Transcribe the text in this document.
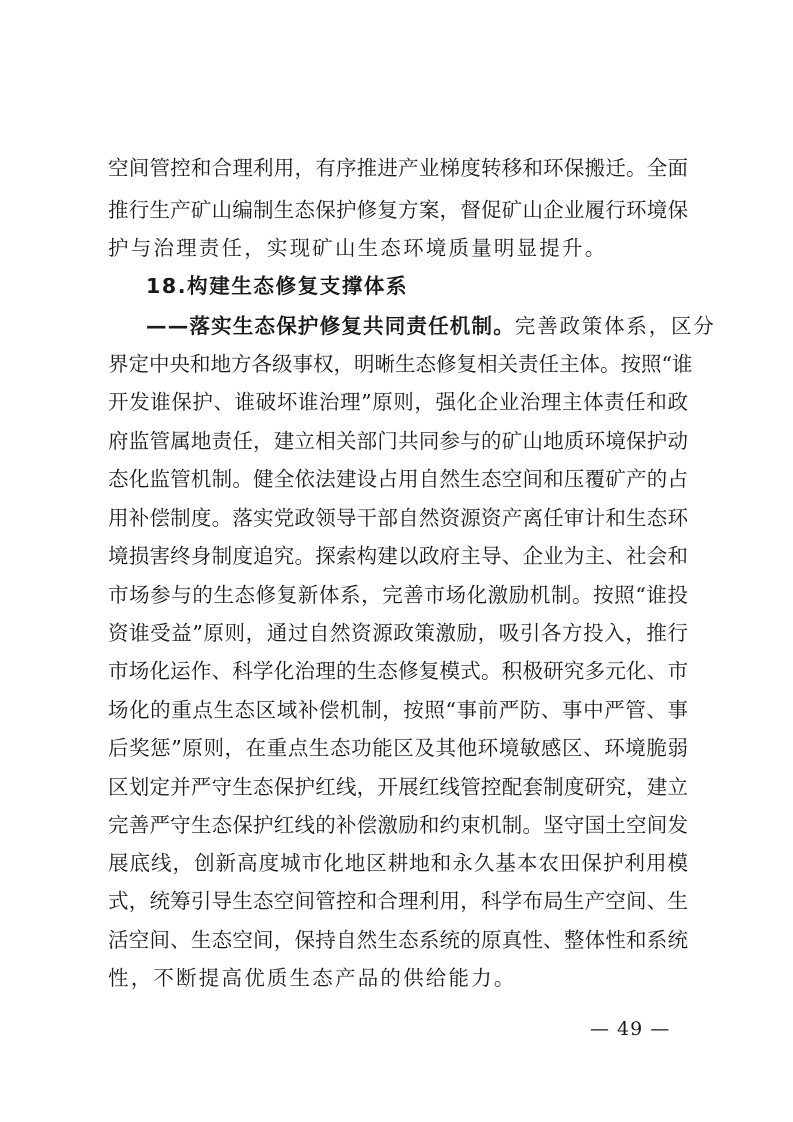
空间管控和合理利用，有序推进产业梯度转移和环保搬迁。全面
推行生产矿山编制生态保护修复方案，督促矿山企业履行环境保
护与治理责任，实现矿山生态环境质量明显提升。
18.构建生态修复支撑体系
——落实生态保护修复共同责任机制。 完善政策体系，区分
界定中央和地方各级事权，明晰生态修复相关责任主体。按照“谁
开发谁保护、谁破坏谁治理”原则，强化企业治理主体责任和政
府监管属地责任，建立相关部门共同参与的矿山地质环境保护动
态化监管机制。健全依法建设占用自然生态空间和压覆矿产的占
用补偿制度。落实党政领导干部自然资源资产离任审计和生态环
境损害终身制度追究。探索构建以政府主导、企业为主、社会和
市场参与的生态修复新体系，完善市场化激励机制。按照“谁投
资谁受益”原则，通过自然资源政策激励，吸引各方投入，推行
市场化运作、科学化治理的生态修复模式。积极研究多元化、市
场化的重点生态区域补偿机制，按照“事前严防、事中严管、事
后奖惩”原则，在重点生态功能区及其他环境敏感区、环境脆弱
区划定并严守生态保护红线，开展红线管控配套制度研究，建立
完善严守生态保护红线的补偿激励和约束机制。坚守国土空间发
展底线，创新高度城市化地区耕地和永久基本农田保护利用模
式，统筹引导生态空间管控和合理利用，科学布局生产空间、生
活空间、生态空间，保持自然生态系统的原真性、整体性和系统
性，不断提高优质生态产品的供给能力。
— 49 —
